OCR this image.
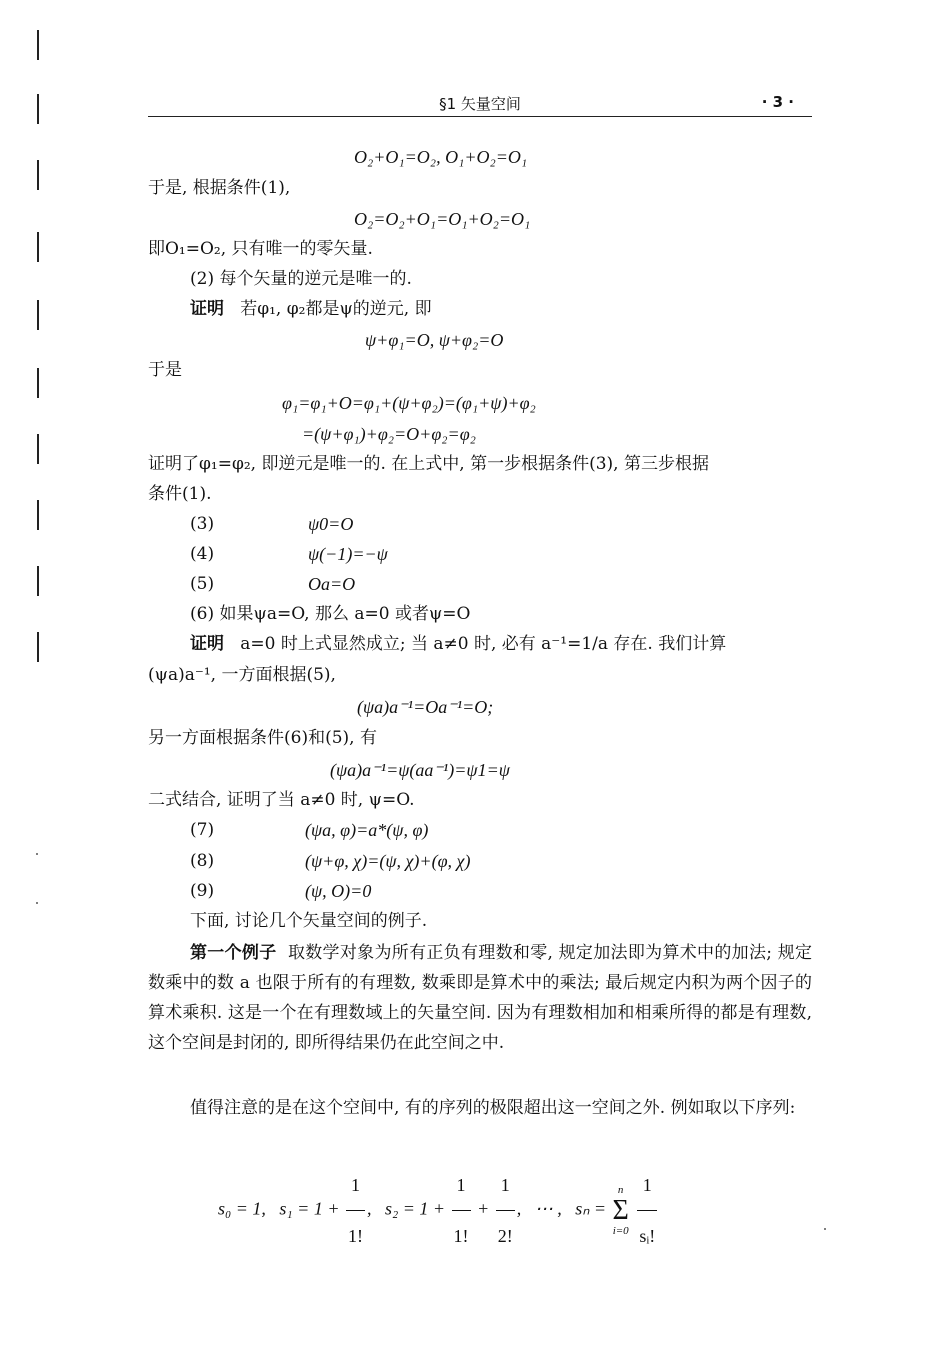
§1 矢量空间	· 3 ·
O₂+O₁=O₂, O₁+O₂=O₁
于是, 根据条件(1),
O₂=O₂+O₁=O₁+O₂=O₁
即O₁=O₂, 只有唯一的零矢量.
(2) 每个矢量的逆元是唯一的.
证明 若φ₁, φ₂都是ψ的逆元, 即
ψ+φ₁=O, ψ+φ₂=O
于是
φ₁=φ₁+O=φ₁+(ψ+φ₂)=(φ₁+ψ)+φ₂
=(ψ+φ₁)+φ₂=O+φ₂=φ₂
证明了φ₁=φ₂, 即逆元是唯一的. 在上式中, 第一步根据条件(3), 第三步根据
条件(1).
(3)	ψ0=O
(4)	ψ(−1)=−ψ
(5)	Oa=O
(6) 如果ψa=O, 那么 a=0 或者ψ=O
证明 a=0 时上式显然成立; 当 a≠0 时, 必有 a⁻¹=1/a 存在. 我们计算
(ψa)a⁻¹, 一方面根据(5),
(ψa)a⁻¹=Oa⁻¹=O;
另一方面根据条件(6)和(5), 有
(ψa)a⁻¹=ψ(aa⁻¹)=ψ1=ψ
二式结合, 证明了当 a≠0 时, ψ=O.
(7)	(ψa, φ)=a*(ψ, φ)
(8)	(ψ+φ, χ)=(ψ, χ)+(φ, χ)
(9)	(ψ, O)=0
下面, 讨论几个矢量空间的例子.
第一个例子 取数学对象为所有正负有理数和零, 规定加法即为算术中的加法; 规定数乘中的数 a 也限于所有的有理数, 数乘即是算术中的乘法; 最后规定内积为两个因子的算术乘积. 这是一个在有理数域上的矢量空间. 因为有理数相加和相乘所得的都是有理数, 这个空间是封闭的, 即所得结果仍在此空间之中.
值得注意的是在这个空间中, 有的序列的极限超出这一空间之外. 例如取以下序列:
s₀ = 1, $s_1 = 1 + \frac{1}{1!}$ , $s_2 = 1 + \frac{1}{1!} + \frac{1}{2!}$ , ⋯ , sₙ =
n
Σ
i=0
$\frac{1}{\text{sᵢ!}}$
